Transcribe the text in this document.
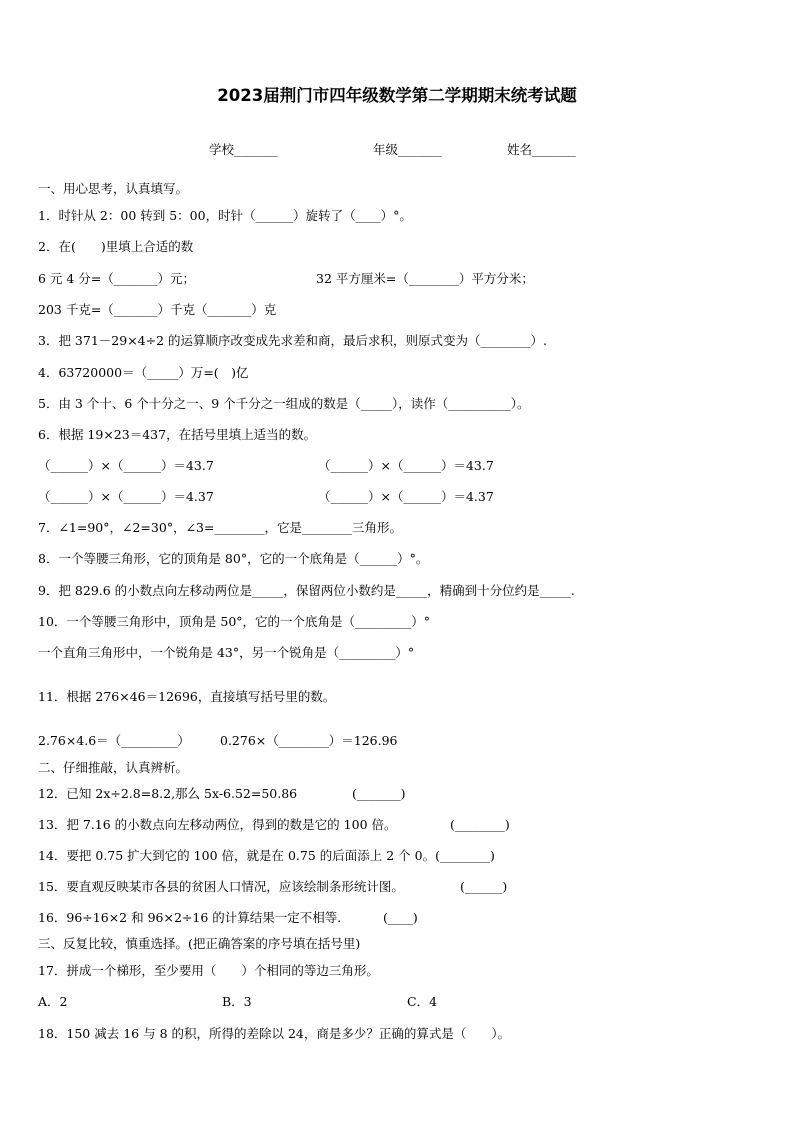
2023届荆门市四年级数学第二学期期末统考试题
学校_______	年级_______	姓名_______
一、用心思考，认真填写。
1．时针从 2：00 转到 5：00，时针（______）旋转了（____）°。
2．在(　　)里填上合适的数
6 元 4 分=（_______）元；	32 平方厘米=（________）平方分米；
203 千克=（_______）千克（_______）克
3．把 371－29×4÷2 的运算顺序改变成先求差和商，最后求积，则原式变为（________）.
4．63720000＝（_____）万=(　)亿
5．由 3 个十、6 个十分之一、9 个千分之一组成的数是（_____），读作（__________）。
6．根据 19×23＝437，在括号里填上适当的数。
（______）×（______）＝43.7	（______）×（______）＝43.7
（______）×（______）＝4.37	（______）×（______）＝4.37
7．∠1=90°，∠2=30°，∠3=________，它是________三角形。
8．一个等腰三角形，它的顶角是 80°，它的一个底角是（______）°。
9．把 829.6 的小数点向左移动两位是_____，保留两位小数约是_____，精确到十分位约是_____.
10．一个等腰三角形中，顶角是 50°，它的一个底角是（_________）°
一个直角三角形中，一个锐角是 43°，另一个锐角是（_________）°
11．根据 276×46＝12696，直接填写括号里的数。
2.76×4.6＝（_________） 0.276×（________）＝126.96
二、仔细推敲，认真辨析。
12．已知 2x÷2.8=8.2,那么 5x-6.52=50.86	(_______)
13．把 7.16 的小数点向左移动两位，得到的数是它的 100 倍。	(________)
14．要把 0.75 扩大到它的 100 倍，就是在 0.75 的后面添上 2 个 0。(________)
15．要直观反映某市各县的贫困人口情况，应该绘制条形统计图。	(______)
16．96÷16×2 和 96×2÷16 的计算结果一定不相等.	(____)
三、反复比较，慎重选择。(把正确答案的序号填在括号里)
17．拼成一个梯形，至少要用（　　）个相同的等边三角形。
A．2	B．3	C．4
18．150 减去 16 与 8 的积，所得的差除以 24，商是多少？正确的算式是（　　）。
